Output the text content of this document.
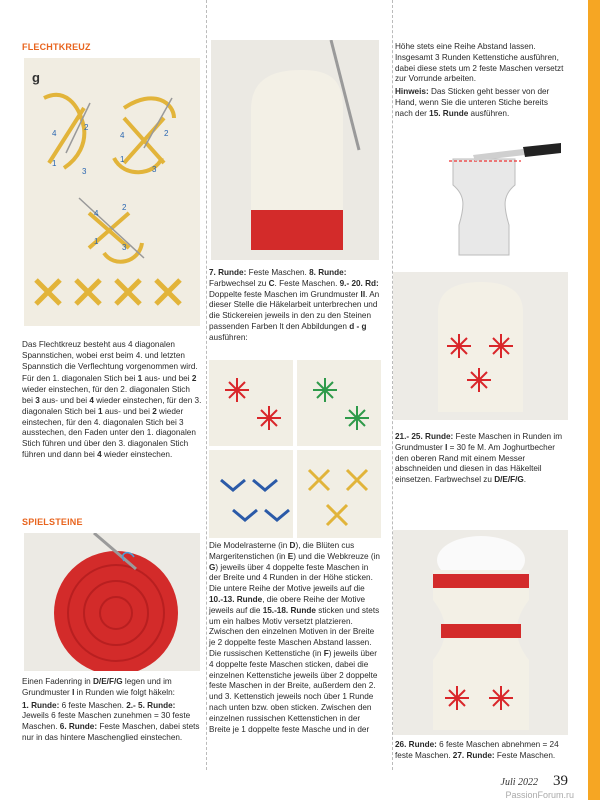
FLECHTKREUZ
g
4
2
1
3
4	2
1
3
4
2
1
3

Das Flechtkreuz besteht aus 4 diagonalen Spannstichen, wobei erst beim 4. und letzten Spannstich die Verflechtung vorgenommen wird.

Für den 1. diagonalen Stich bei 1 aus- und bei 2 wieder einstechen, für den 2. diagonalen Stich bei 3 aus- und bei 4 wieder einstechen, für den 3. diagonalen Stich bei 1 aus- und bei 2 wieder einstechen, für den 4. diagonalen Stich bei 3 ausstechen, den Faden unter den 1. diagonalen Stich führen und über den 3. diagonalen Stich führen und dann bei 4 wieder einstechen.

SPIELSTEINE

Einen Fadenring in D/E/F/G legen und im Grundmuster I in Runden wie folgt häkeln:

1. Runde: 6 feste Maschen. 2.- 5. Runde: Jeweils 6 feste Maschen zunehmen = 30 feste Maschen. 6. Runde: Feste Maschen, dabei stets nur in das hintere Maschenglied einstechen.

7. Runde: Feste Maschen. 8. Runde: Farbwechsel zu C. Feste Maschen. 9.- 20. Rd: Doppelte feste Maschen im Grundmuster II. An dieser Stelle die Häkelarbeit unterbrechen und die Stickereien jeweils in den zu den Steinen passenden Farben lt den Abbildungen d - g ausführen:

Die Modelrasterne (in D), die Blüten cus Margeritenstichen (in E) und die Webkreuze (in G) jeweils über 4 doppelte feste Maschen in der Breite und 4 Runden in der Höhe sticken. Die untere Reihe der Motive jeweils auf die 10.-13. Runde, die obere Reihe der Motive jeweils auf die 15.-18. Runde sticken und stets um ein halbes Motiv versetzt platzieren. Zwischen den einzelnen Motiven in der Breite je 2 doppelte feste Maschen Abstand lassen. Die russischen Kettenstiche (in F) jeweils über 4 doppelte feste Maschen sticken, dabei die einzelnen Kettenstiche jeweils über 2 doppelte feste Maschen in der Breite, außerdem den 2. und 3. Kettenstich jeweils noch über 1 Runde nach unten bzw. oben sticken. Zwischen den einzelnen russischen Kettenstichen in der Breite je 1 doppelte feste Masche und in der

Höhe stets eine Reihe Abstand lassen. Insgesamt 3 Runden Kettenstiche ausführen, dabei diese stets um 2 feste Maschen versetzt zur Vorrunde arbeiten.

Hinweis: Das Sticken geht besser von der Hand, wenn Sie die unteren Stiche bereits nach der 15. Runde ausführen.

21.- 25. Runde: Feste Maschen in Runden im Grundmuster I = 30 fe M. Am Joghurtbecher den oberen Rand mit einem Messer abschneiden und diesen in das Häkelteil einsetzen. Farbwechsel zu D/E/F/G.

26. Runde: 6 feste Maschen abnehmen = 24 feste Maschen. 27. Runde: Feste Maschen.

Juli 2022 39
PassionForum.ru
